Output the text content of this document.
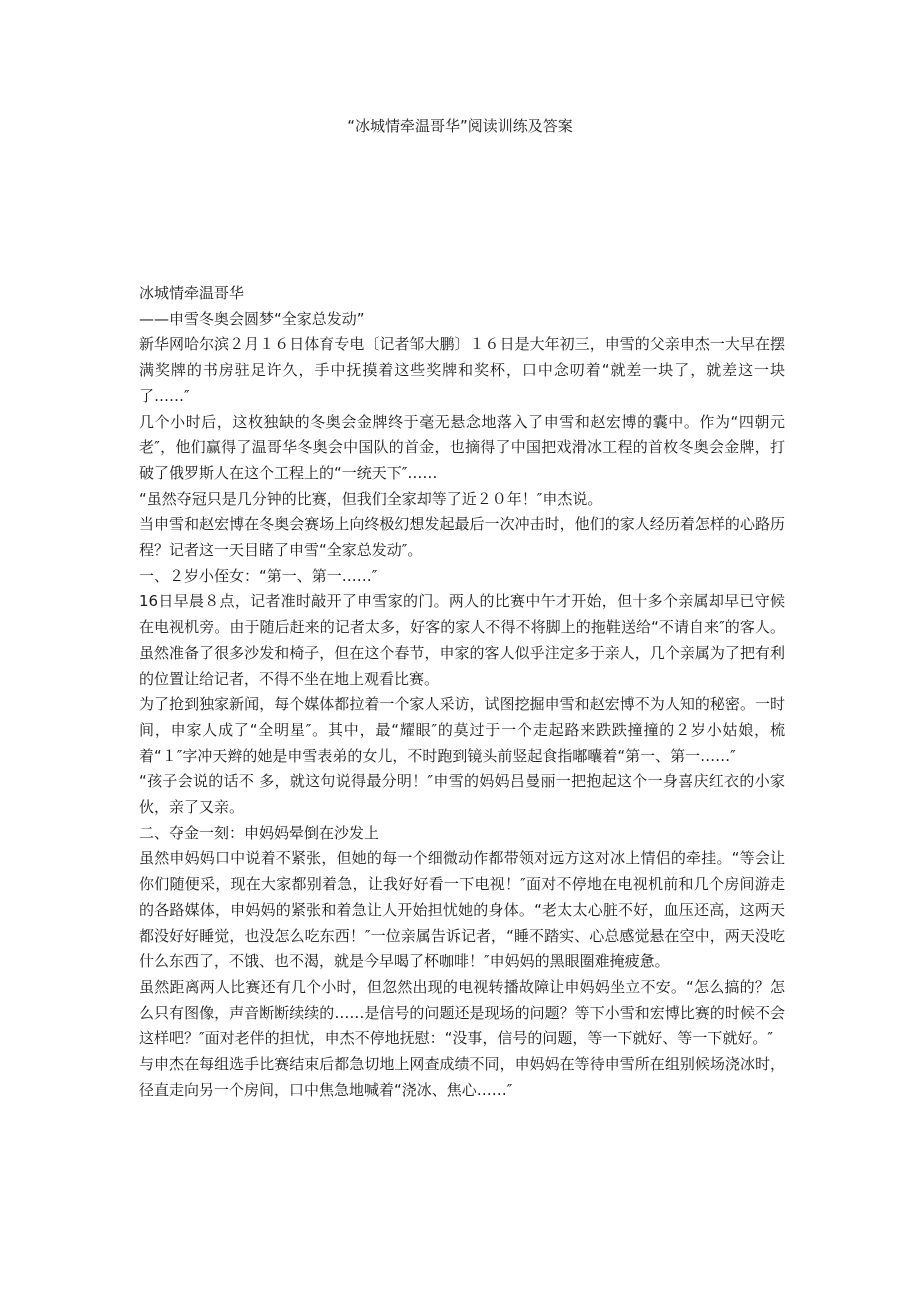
“冰城情牵温哥华”阅读训练及答案

冰城情牵温哥华

——申雪冬奥会圆梦“全家总发动”

新华网哈尔滨２月１６日体育专电〔记者邹大鹏〕１６日是大年初三，申雪的父亲申杰一大早在摆满奖牌的书房驻足许久，手中抚摸着这些奖牌和奖杯，口中念叨着“就差一块了，就差这一块了……″

几个小时后，这枚独缺的冬奥会金牌终于毫无悬念地落入了申雪和赵宏博的囊中。作为“四朝元老″，他们赢得了温哥华冬奥会中国队的首金，也摘得了中国把戏滑冰工程的首枚冬奥会金牌，打破了俄罗斯人在这个工程上的“一统天下″……

“虽然夺冠只是几分钟的比赛，但我们全家却等了近２０年！″申杰说。

当申雪和赵宏博在冬奥会赛场上向终极幻想发起最后一次冲击时，他们的家人经历着怎样的心路历程？记者这一天目睹了申雪“全家总发动″。

一、２岁小侄女：“第一、第一……″

16日早晨８点，记者准时敲开了申雪家的门。两人的比赛中午才开始，但十多个亲属却早已守候在电视机旁。由于随后赶来的记者太多，好客的家人不得不将脚上的拖鞋送给“不请自来″的客人。虽然准备了很多沙发和椅子，但在这个春节，申家的客人似乎注定多于亲人，几个亲属为了把有利的位置让给记者，不得不坐在地上观看比赛。

为了抢到独家新闻，每个媒体都拉着一个家人采访，试图挖掘申雪和赵宏博不为人知的秘密。一时间，申家人成了“全明星″。其中，最“耀眼″的莫过于一个走起路来跌跌撞撞的２岁小姑娘，梳着“１″字冲天辫的她是申雪表弟的女儿，不时跑到镜头前竖起食指嘟囔着“第一、第一……″

“孩子会说的话不 多，就这句说得最分明！″申雪的妈妈吕曼丽一把抱起这个一身喜庆红衣的小家伙，亲了又亲。

二、夺金一刻：申妈妈晕倒在沙发上

虽然申妈妈口中说着不紧张，但她的每一个细微动作都带领对远方这对冰上情侣的牵挂。“等会让你们随便采，现在大家都别着急，让我好好看一下电视！″面对不停地在电视机前和几个房间游走的各路媒体，申妈妈的紧张和着急让人开始担忧她的身体。“老太太心脏不好，血压还高，这两天都没好好睡觉，也没怎么吃东西！″一位亲属告诉记者，“睡不踏实、心总感觉悬在空中，两天没吃什么东西了，不饿、也不渴，就是今早喝了杯咖啡！″申妈妈的黑眼圈难掩疲惫。

虽然距离两人比赛还有几个小时，但忽然出现的电视转播故障让申妈妈坐立不安。“怎么搞的？怎么只有图像，声音断断续续的……是信号的问题还是现场的问题？等下小雪和宏博比赛的时候不会这样吧？″面对老伴的担忧，申杰不停地抚慰：“没事，信号的问题，等一下就好、等一下就好。″

与申杰在每组选手比赛结束后都急切地上网查成绩不同，申妈妈在等待申雪所在组别候场浇冰时，径直走向另一个房间，口中焦急地喊着“浇冰、焦心……″
